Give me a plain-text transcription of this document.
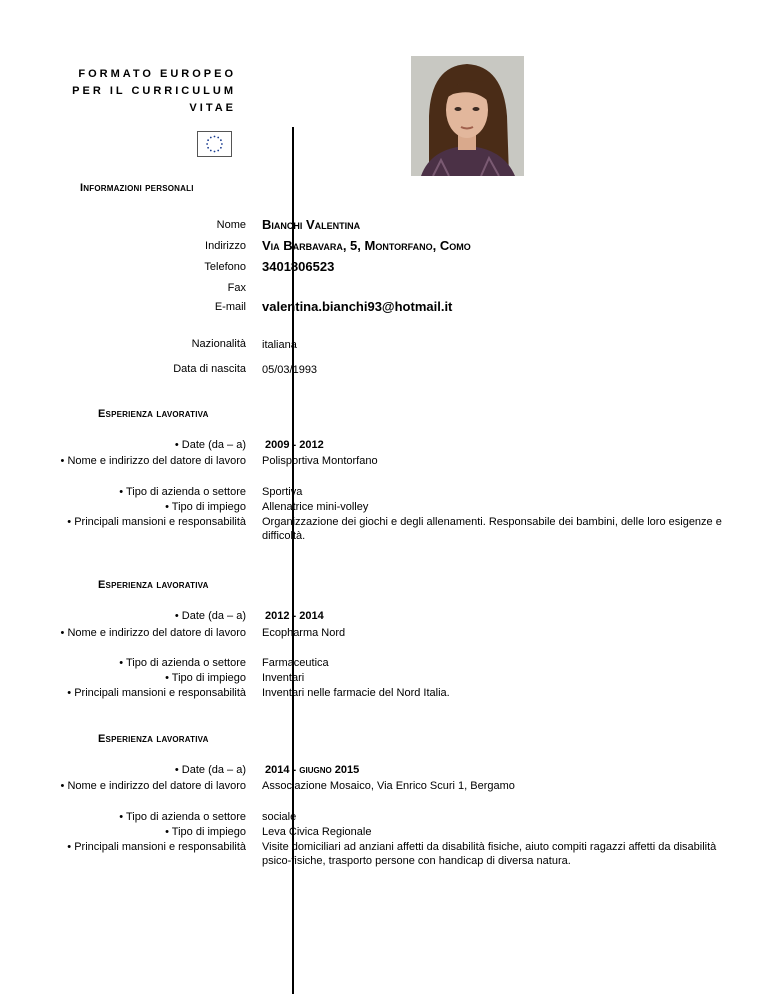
FORMATO EUROPEO
PER IL CURRICULUM
VITAE
Informazioni personali
Nome Bianchi Valentina
Indirizzo Via Barbavara, 5, Montorfano, Como
Telefono 3401806523
Fax
E-mail valentina.bianchi93@hotmail.it
Nazionalità italiana
Data di nascita 05/03/1993
Esperienza lavorativa
• Date (da – a)
• Nome e indirizzo del datore di lavoro
• Tipo di azienda o settore
• Tipo di impiego
• Principali mansioni e responsabilità
2009 - 2012
Polisportiva Montorfano
Sportiva
Allenatrice mini-volley
Organizzazione dei giochi e degli allenamenti. Responsabile dei bambini, delle loro esigenze e difficoltà.
Esperienza lavorativa
• Date (da – a)
• Nome e indirizzo del datore di lavoro
• Tipo di azienda o settore
• Tipo di impiego
• Principali mansioni e responsabilità
2012 - 2014
Ecopharma Nord
Farmaceutica
Inventari
Inventari nelle farmacie del Nord Italia.
Esperienza lavorativa
• Date (da – a)
• Nome e indirizzo del datore di lavoro
• Tipo di azienda o settore
• Tipo di impiego
• Principali mansioni e responsabilità
2014 - giugno 2015
Associazione Mosaico, Via Enrico Scuri 1, Bergamo
sociale
Leva Civica Regionale
Visite domiciliari ad anziani affetti da disabilità fisiche, aiuto compiti ragazzi affetti da disabilità psico-fisiche, trasporto persone con handicap di diversa natura.
